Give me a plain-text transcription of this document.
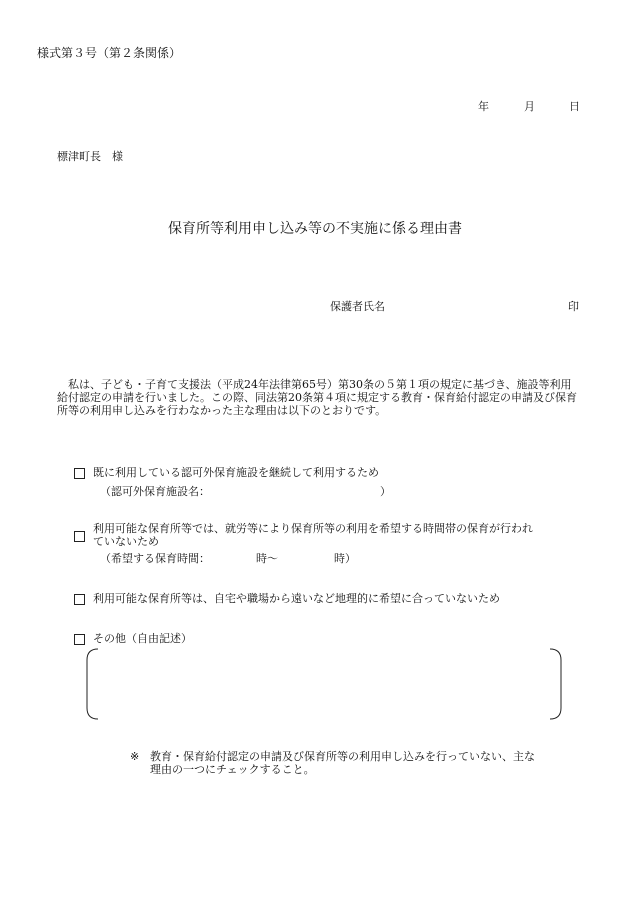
様式第３号（第２条関係）
年	月	日
標津町長　様
保育所等利用申し込み等の不実施に係る理由書
保護者氏名	印
私は、子ども・子育て支援法（平成24年法律第65号）第30条の５第１項の規定に基づき、施設等利用給付認定の申請を行いました。この際、同法第20条第４項に規定する教育・保育給付認定の申請及び保育所等の利用申し込みを行わなかった主な理由は以下のとおりです。
既に利用している認可外保育施設を継続して利用するため
（認可外保育施設名：	）
利用可能な保育所等では、就労等により保育所等の利用を希望する時間帯の保育が行われ
ていないため
（希望する保育時間：	時～	時）
利用可能な保育所等は、自宅や職場から遠いなど地理的に希望に合っていないため
その他（自由記述）
※ 教育・保育給付認定の申請及び保育所等の利用申し込みを行っていない、主な理由の一つにチェックすること。
